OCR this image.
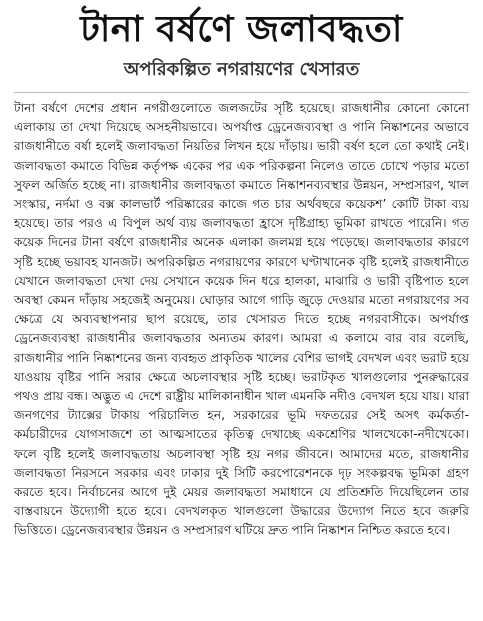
টানা বর্ষণে জলাবদ্ধতা
অপরিকল্পিত নগরায়ণের খেসারত

টানা বর্ষণে দেশের প্রধান নগরীগুলোতে জলজটের সৃষ্টি হয়েছে। রাজধানীর কোনো কোনো এলাকায় তা দেখা দিয়েছে অসহনীয়ভাবে। অপর্যাপ্ত ড্রেনেজব্যবস্থা ও পানি নিষ্কাশনের অভাবে রাজধানীতে বর্ষা হলেই জলাবদ্ধতা নিয়তির লিখন হয়ে দাঁড়ায়। ভারী বর্ষণ হলে তো কথাই নেই। জলাবদ্ধতা কমাতে বিভিন্ন কর্তৃপক্ষ একের পর এক পরিকল্পনা নিলেও তাতে চোখে পড়ার মতো সুফল অর্জিত হচ্ছে না। রাজধানীর জলাবদ্ধতা কমাতে নিষ্কাশনব্যবস্থার উন্নয়ন, সম্প্রসারণ, খাল সংস্কার, নর্দমা ও বক্স কালভার্ট পরিষ্কারের কাজে গত চার অর্থবছরে কয়েকশ’ কোটি টাকা ব্যয় হয়েছে। তার পরও এ বিপুল অর্থ ব্যয় জলাবদ্ধতা হ্রাসে দৃষ্টিগ্রাহ্য ভূমিকা রাখতে পারেনি। গত কয়েক দিনের টানা বর্ষণে রাজধানীর অনেক এলাকা জলমগ্ন হয়ে পড়েছে। জলাবদ্ধতার কারণে সৃষ্টি হচ্ছে ভয়াবহ যানজট। অপরিকল্পিত নগরায়ণের কারণে ঘণ্টাখানেক বৃষ্টি হলেই রাজধানীতে যেখানে জলাবদ্ধতা দেখা দেয় সেখানে কয়েক দিন ধরে হালকা, মাঝারি ও ভারী বৃষ্টিপাত হলে অবস্থা কেমন দাঁড়ায় সহজেই অনুমেয়। ঘোড়ার আগে গাড়ি জুড়ে দেওয়ার মতো নগরায়ণের সব ক্ষেত্রে যে অব্যবস্থাপনার ছাপ রয়েছে, তার খেসারত দিতে হচ্ছে নগরবাসীকে। অপর্যাপ্ত ড্রেনেজব্যবস্থা রাজধানীর জলাবদ্ধতার অন্যতম কারণ। আমরা এ কলামে বার বার বলেছি, রাজধানীর পানি নিষ্কাশনের জন্য ব্যবহৃত প্রাকৃতিক খালের বেশির ভাগই বেদখল এবং ভরাট হয়ে যাওয়ায় বৃষ্টির পানি সরার ক্ষেত্রে অচলাবস্থার সৃষ্টি হচ্ছে। ভরাটকৃত খালগুলোর পুনরুদ্ধারের পথও প্রায় বন্ধ। অদ্ভুত এ দেশে রাষ্ট্রীয় মালিকানাধীন খাল এমনকি নদীও বেদখল হয়ে যায়। যারা জনগণের ট্যাক্সের টাকায় পরিচালিত হন, সরকারের ভূমি দফতরের সেই অসৎ কর্মকর্তা-কর্মচারীদের যোগসাজশে তা আত্মসাতের কৃতিত্ব দেখাচ্ছে একশ্রেণির খালখেকো-নদীখেকো। ফলে বৃষ্টি হলেই জলাবদ্ধতায় অচলাবস্থা সৃষ্টি হয় নগর জীবনে। আমাদের মতে, রাজধানীর জলাবদ্ধতা নিরসনে সরকার এবং ঢাকার দুই সিটি করপোরেশনকে দৃঢ় সংকল্পবদ্ধ ভূমিকা গ্রহণ করতে হবে। নির্বাচনের আগে দুই মেয়র জলাবদ্ধতা সমাধানে যে প্রতিশ্রুতি দিয়েছিলেন তার বাস্তবায়নে উদ্যোগী হতে হবে। বেদখলকৃত খালগুলো উদ্ধারের উদ্যোগ নিতে হবে জরুরি ভিত্তিতে। ড্রেনেজব্যবস্থার উন্নয়ন ও সম্প্রসারণ ঘটিয়ে দ্রুত পানি নিষ্কাশন নিশ্চিত করতে হবে।
